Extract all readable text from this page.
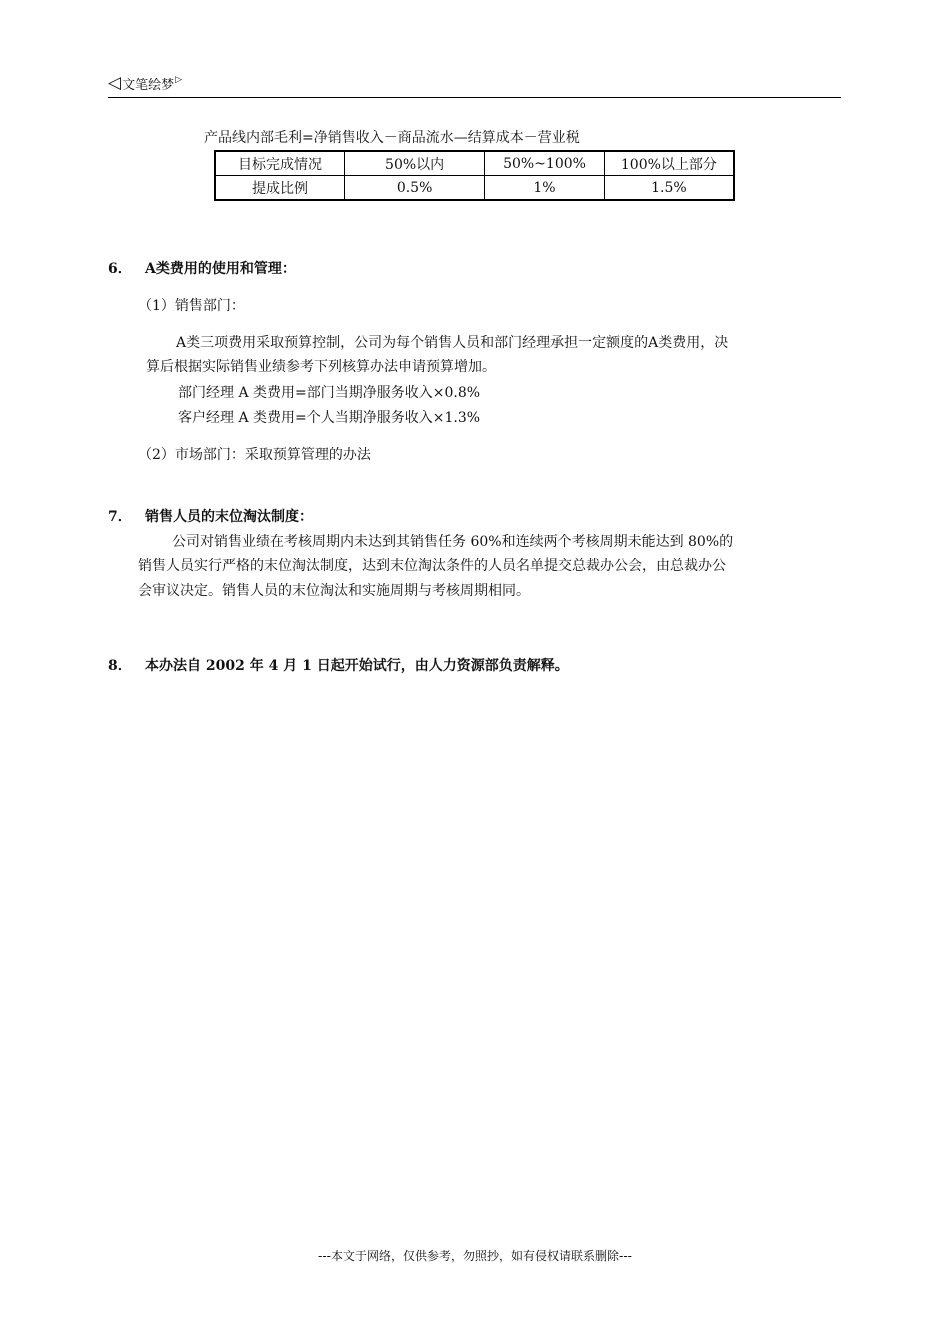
◁ 文笔绘梦 ▷
产品线内部毛利=净销售收入－商品流水—结算成本－营业税
目标完成情况	50%以内	50%~100%	100%以上部分
提成比例	0.5%	1%	1.5%
6． A类费用的使用和管理：
（1）销售部门：
A类三项费用采取预算控制，公司为每个销售人员和部门经理承担一定额度的A类费用，决
算后根据实际销售业绩参考下列核算办法申请预算增加。
部门经理 A 类费用=部门当期净服务收入×0.8%
客户经理 A 类费用=个人当期净服务收入×1.3%
（2）市场部门：采取预算管理的办法
7． 销售人员的末位淘汰制度：
公司对销售业绩在考核周期内未达到其销售任务 60%和连续两个考核周期未能达到 80%的
销售人员实行严格的末位淘汰制度，达到末位淘汰条件的人员名单提交总裁办公会，由总裁办公
会审议决定。销售人员的末位淘汰和实施周期与考核周期相同。
8． 本办法自 2002 年 4 月 1 日起开始试行，由人力资源部负责解释。
---本文于网络，仅供参考，勿照抄，如有侵权请联系删除---
